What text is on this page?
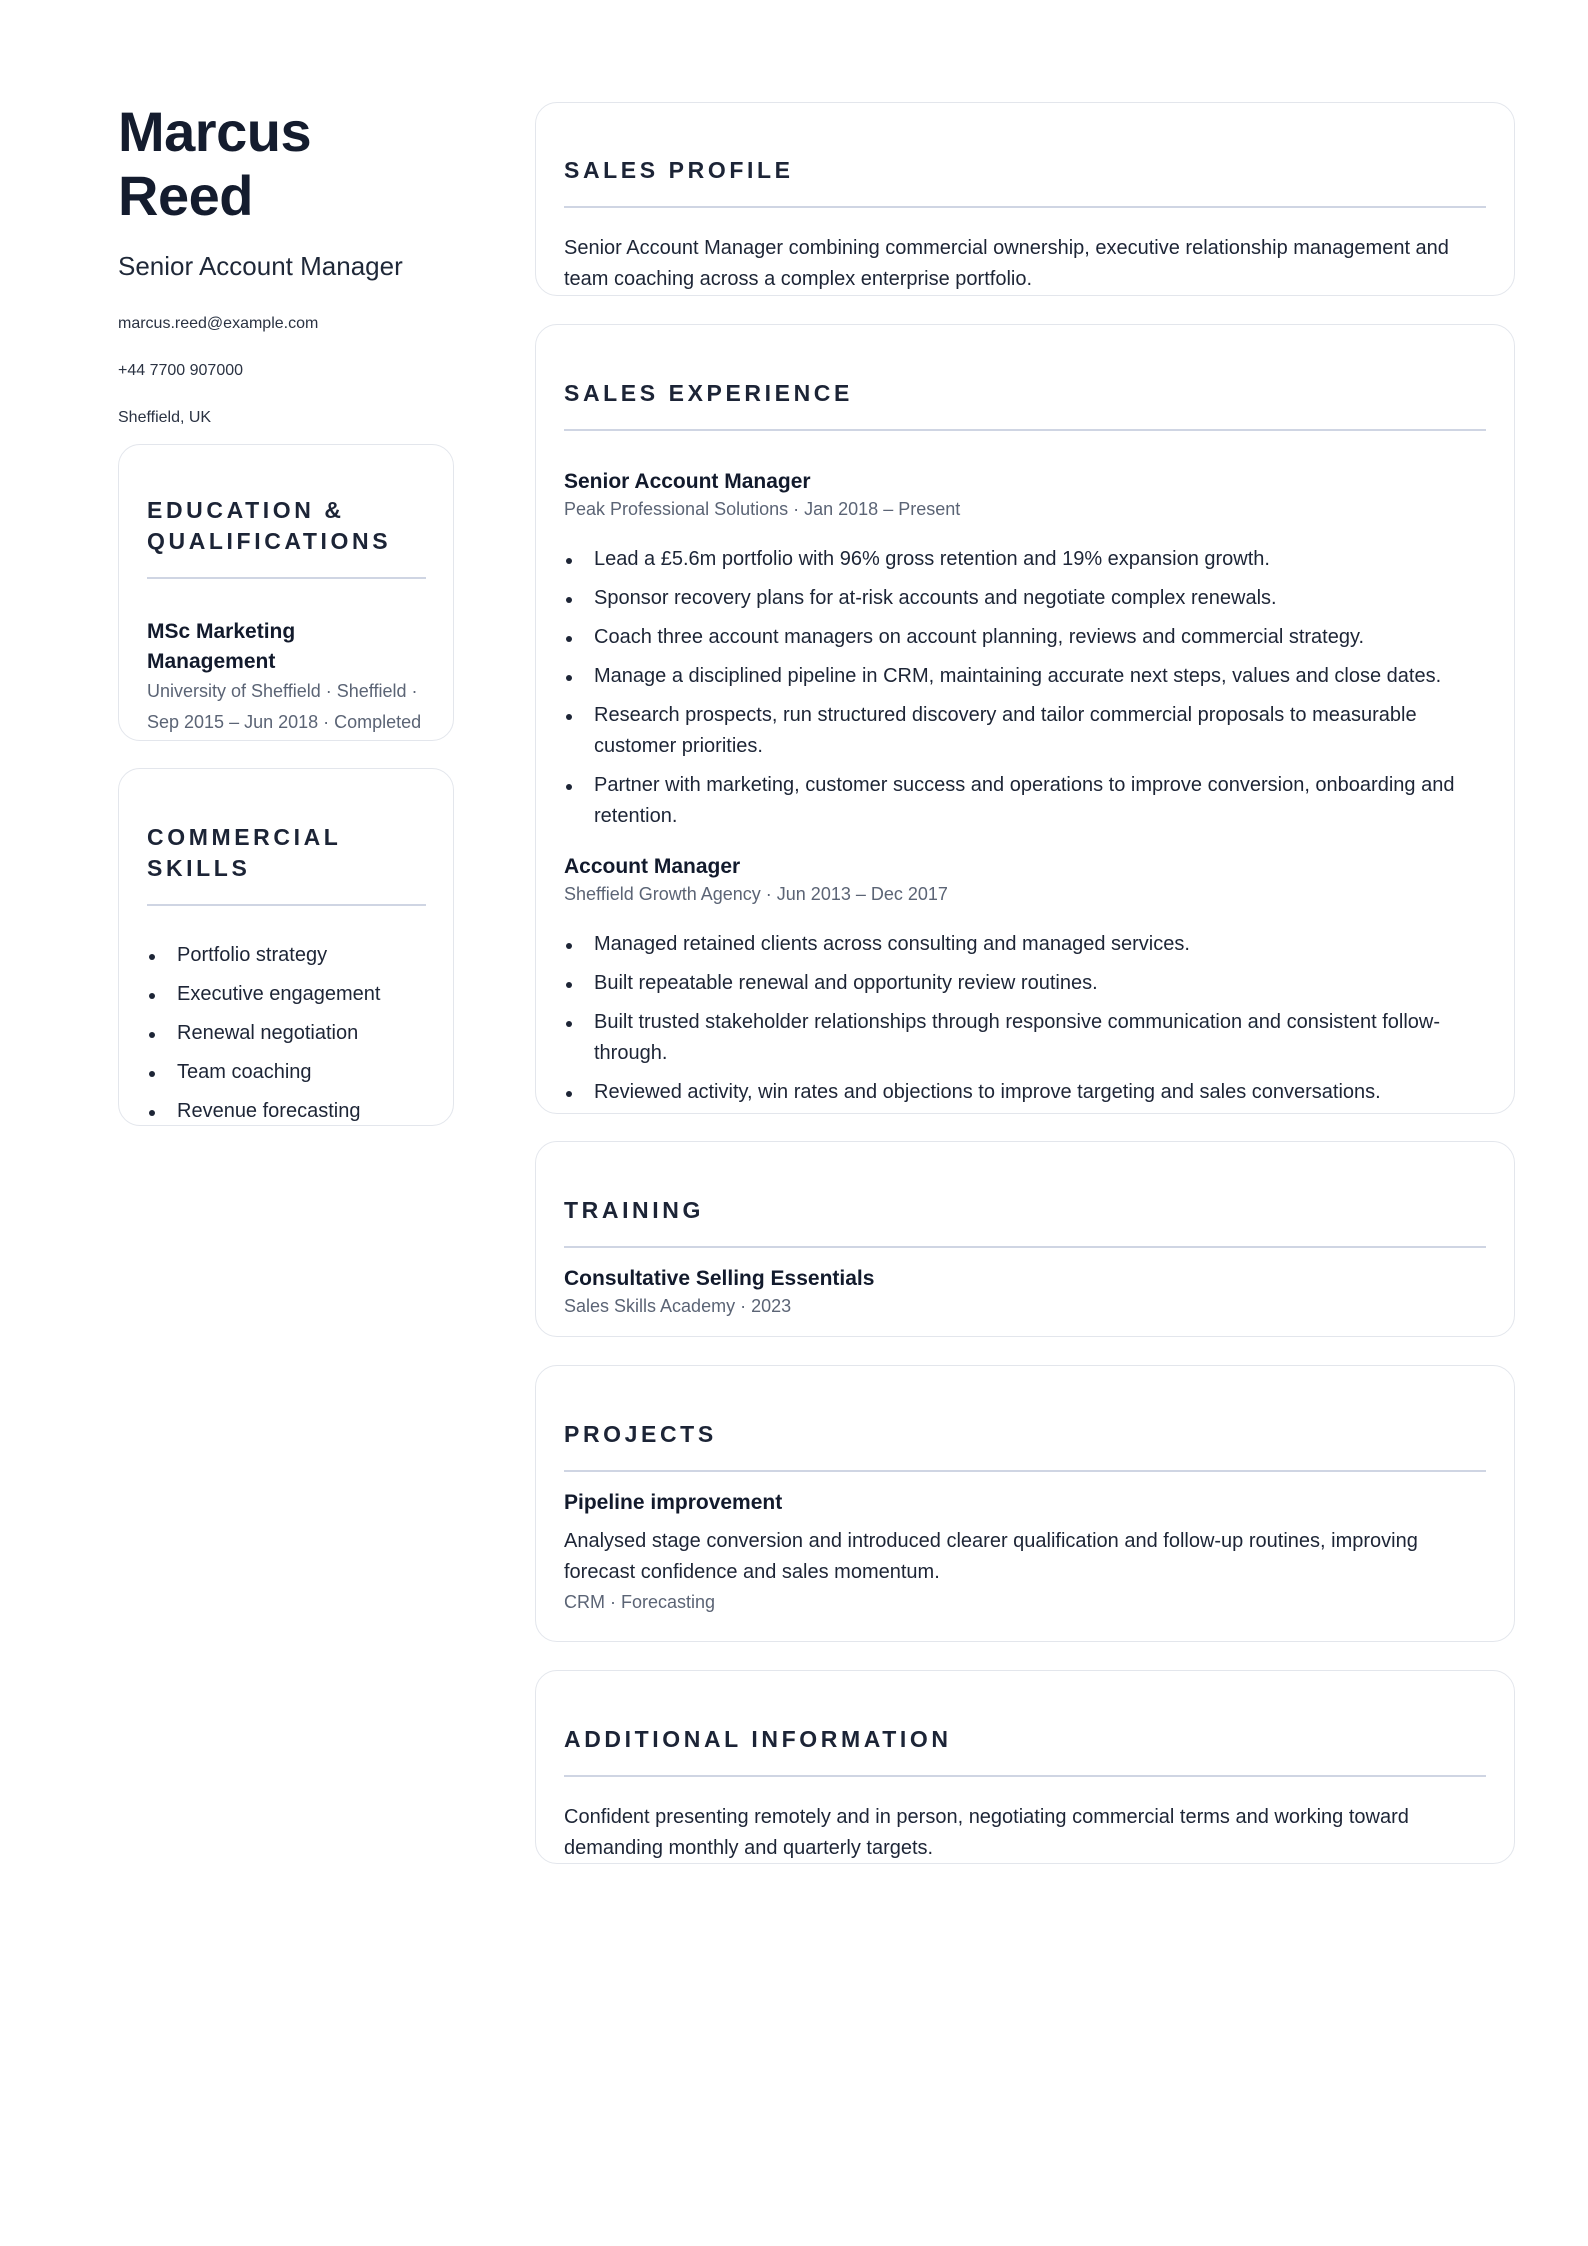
Marcus Reed
Senior Account Manager
marcus.reed@example.com
+44 7700 907000
Sheffield, UK
EDUCATION & QUALIFICATIONS
MSc Marketing Management
University of Sheffield · Sheffield ·
Sep 2015 – Jun 2018 · Completed
COMMERCIAL SKILLS
Portfolio strategy
Executive engagement
Renewal negotiation
Team coaching
Revenue forecasting
SALES PROFILE
Senior Account Manager combining commercial ownership, executive relationship management and team coaching across a complex enterprise portfolio.
SALES EXPERIENCE
Senior Account Manager
Peak Professional Solutions · Jan 2018 – Present
Lead a £5.6m portfolio with 96% gross retention and 19% expansion growth.
Sponsor recovery plans for at-risk accounts and negotiate complex renewals.
Coach three account managers on account planning, reviews and commercial strategy.
Manage a disciplined pipeline in CRM, maintaining accurate next steps, values and close dates.
Research prospects, run structured discovery and tailor commercial proposals to measurable customer priorities.
Partner with marketing, customer success and operations to improve conversion, onboarding and retention.
Account Manager
Sheffield Growth Agency · Jun 2013 – Dec 2017
Managed retained clients across consulting and managed services.
Built repeatable renewal and opportunity review routines.
Built trusted stakeholder relationships through responsive communication and consistent follow-through.
Reviewed activity, win rates and objections to improve targeting and sales conversations.
TRAINING
Consultative Selling Essentials
Sales Skills Academy · 2023
PROJECTS
Pipeline improvement
Analysed stage conversion and introduced clearer qualification and follow-up routines, improving forecast confidence and sales momentum.
CRM · Forecasting
ADDITIONAL INFORMATION
Confident presenting remotely and in person, negotiating commercial terms and working toward demanding monthly and quarterly targets.
